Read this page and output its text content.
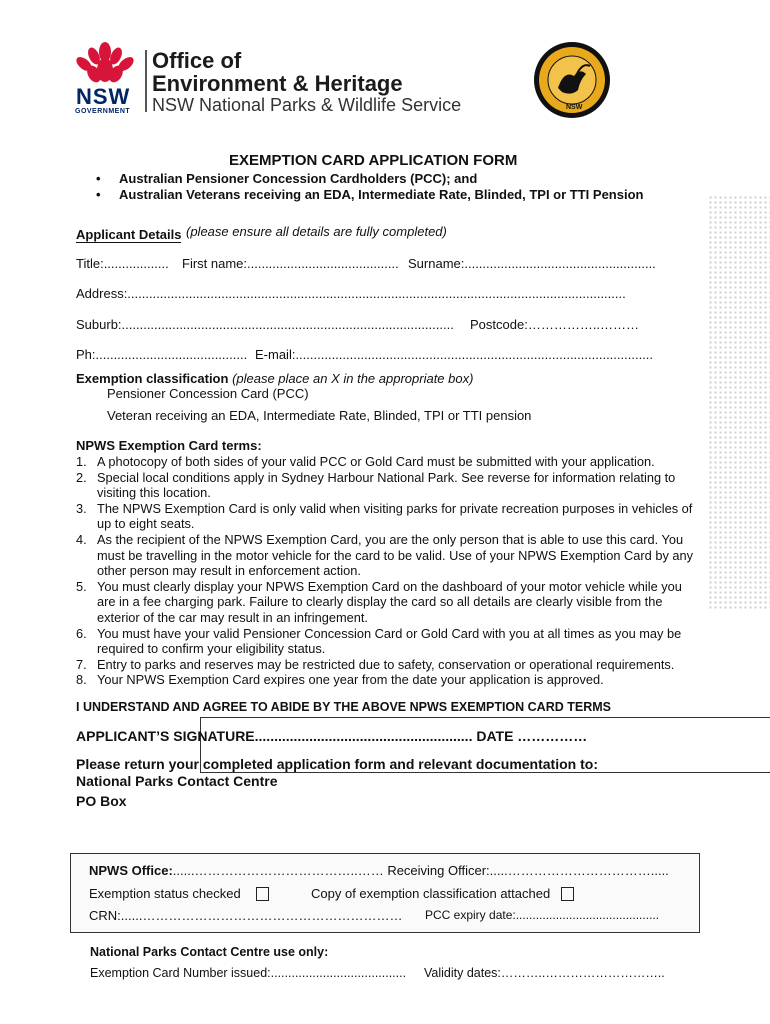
NSW
GOVERNMENT
Office of
Environment & Heritage
NSW National Parks & Wildlife Service	NSW
EXEMPTION CARD APPLICATION FORM
• Australian Pensioner Concession Cardholders (PCC); and
• Australian Veterans receiving an EDA, Intermediate Rate, Blinded, TPI or TTI Pension
Applicant Details (please ensure all details are fully completed)
Title:.................. First name:.......................................... Surname:.....................................................
Address:..........................................................................................................................................
Suburb:............................................................................................ Postcode:……………..………
Ph:.......................................... E-mail:...................................................................................................
Exemption classification (please place an X in the appropriate box)
Pensioner Concession Card (PCC)
Veteran receiving an EDA, Intermediate Rate, Blinded, TPI or TTI pension
NPWS Exemption Card terms:
1. A photocopy of both sides of your valid PCC or Gold Card must be submitted with your application.
2. Special local conditions apply in Sydney Harbour National Park. See reverse for information relating to
visiting this location.
3. The NPWS Exemption Card is only valid when visiting parks for private recreation purposes in vehicles of
up to eight seats.
4. As the recipient of the NPWS Exemption Card, you are the only person that is able to use this card. You
must be travelling in the motor vehicle for the card to be valid. Use of your NPWS Exemption Card by any
other person may result in enforcement action.
5. You must clearly display your NPWS Exemption Card on the dashboard of your motor vehicle while you
are in a fee charging park. Failure to clearly display the card so all details are clearly visible from the
exterior of the car may result in an infringement.
6. You must have your valid Pensioner Concession Card or Gold Card with you at all times as you may be
required to confirm your eligibility status.
7. Entry to parks and reserves may be restricted due to safety, conservation or operational requirements.
8. Your NPWS Exemption Card expires one year from the date your application is approved.
I UNDERSTAND AND AGREE TO ABIDE BY THE ABOVE NPWS EXEMPTION CARD TERMS
APPLICANT’S SIGNATURE........................................................ DATE ……………
Please return your completed application form and relevant documentation to:
National Parks Contact Centre
PO Box
NPWS Office:......………………………………..…… Receiving Officer:.....…………………………….....
Exemption status checked	Copy of exemption classification attached
CRN:......…………………………………………………… PCC expiry date:...........................................
National Parks Contact Centre use only:
Exemption Card Number issued:....................................... Validity dates:………..………………………..
